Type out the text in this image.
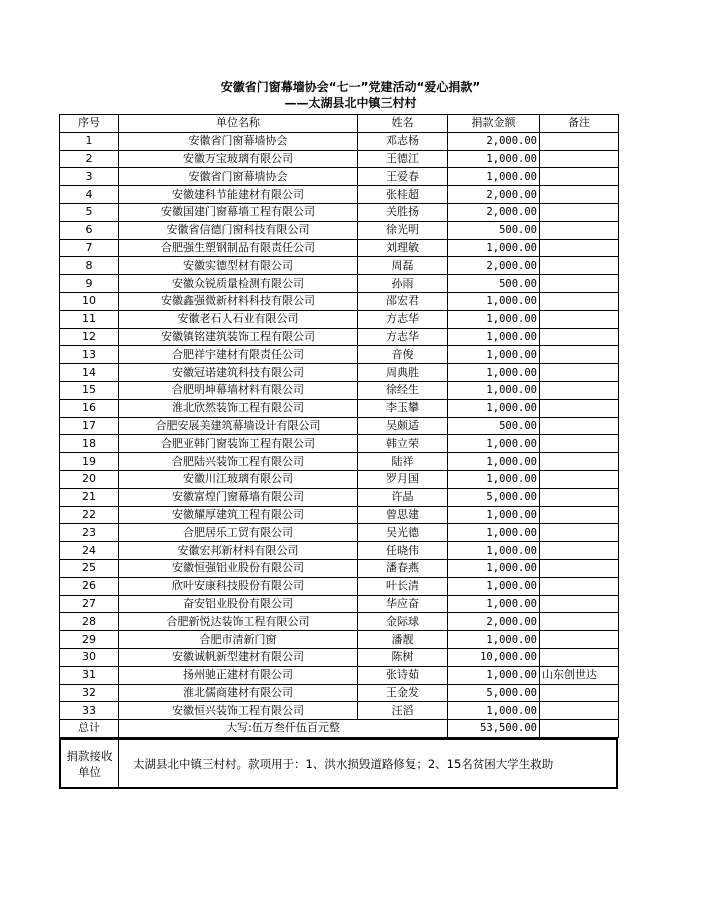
安徽省门窗幕墙协会“七一”党建活动“爱心捐款”
——太湖县北中镇三村村
序号	单位名称	姓名	捐款金额	备注
1	安徽省门窗幕墙协会	邓志杨	2,000.00	
2	安徽万宝玻璃有限公司	王德江	1,000.00	
3	安徽省门窗幕墙协会	王爱春	1,000.00	
4	安徽建科节能建材有限公司	张桂超	2,000.00	
5	安徽国建门窗幕墙工程有限公司	关胜扬	2,000.00	
6	安徽省信德门窗科技有限公司	徐光明	500.00	
7	合肥强生塑钢制品有限责任公司	刘理敏	1,000.00	
8	安徽实德型材有限公司	周磊	2,000.00	
9	安徽众锐质量检测有限公司	孙雨	500.00	
10	安徽鑫强微新材料科技有限公司	邵宏君	1,000.00	
11	安徽老石人石业有限公司	方志华	1,000.00	
12	安徽镇铭建筑装饰工程有限公司	方志华	1,000.00	
13	合肥祥宇建材有限责任公司	音俊	1,000.00	
14	安徽冠诺建筑科技有限公司	周典胜	1,000.00	
15	合肥明坤幕墙材料有限公司	徐经生	1,000.00	
16	淮北欣然装饰工程有限公司	李玉攀	1,000.00	
17	合肥安展美建筑幕墙设计有限公司	吴颇适	500.00	
18	合肥亚韩门窗装饰工程有限公司	韩立荣	1,000.00	
19	合肥陆兴装饰工程有限公司	陆祥	1,000.00	
20	安徽川江玻璃有限公司	罗月国	1,000.00	
21	安徽富煌门窗幕墙有限公司	许晶	5,000.00	
22	安徽耀厚建筑工程有限公司	曾思建	1,000.00	
23	合肥居乐工贸有限公司	吴光德	1,000.00	
24	安徽宏邦新材料有限公司	任晓伟	1,000.00	
25	安徽恒强铝业股份有限公司	潘春燕	1,000.00	
26	欣叶安康科技股份有限公司	叶长清	1,000.00	
27	奋安铝业股份有限公司	华应奋	1,000.00	
28	合肥新悦达装饰工程有限公司	金际球	2,000.00	
29	合肥市清新门窗	潘靓	1,000.00	
30	安徽诚帆新型建材有限公司	陈树	10,000.00	
31	扬州驰正建材有限公司	张诗茹	1,000.00	山东创世达
32	淮北儒商建材有限公司	王金发	5,000.00	
33	安徽恒兴装饰工程有限公司	汪滔	1,000.00	
总计	大写:伍万叁仟伍百元整		53,500.00	
捐款接收
单位
太湖县北中镇三村村。款项用于：1、洪水损毁道路修复；2、15名贫困大学生救助
